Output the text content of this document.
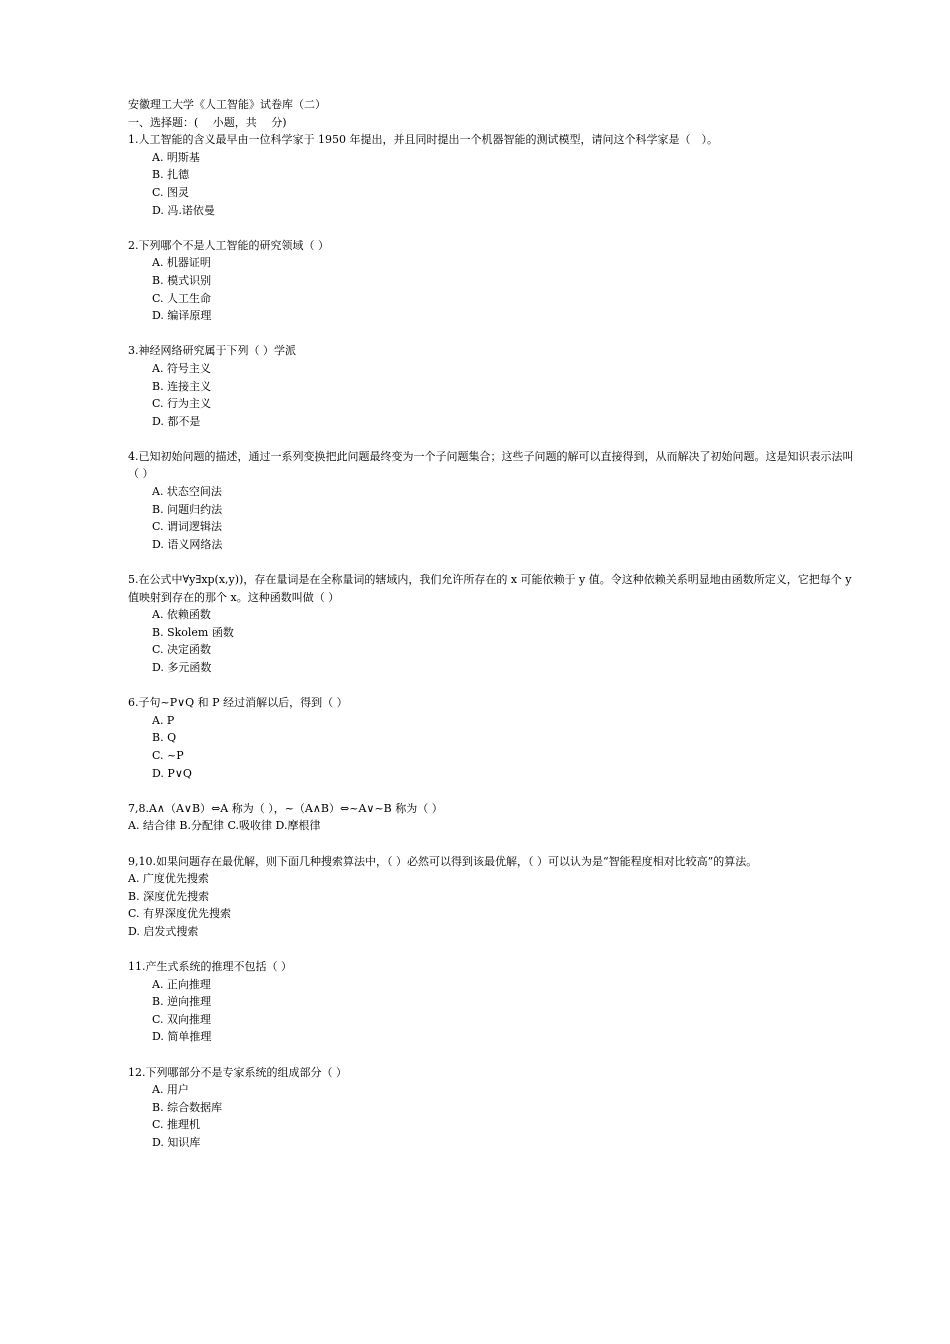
安徽理工大学《人工智能》试卷库（二）
一、选择题：(　 小题，共　 分)
1.人工智能的含义最早由一位科学家于 1950 年提出，并且同时提出一个机器智能的测试模型，请问这个科学家是（　）。
A. 明斯基
B. 扎德
C. 图灵
D. 冯.诺依曼
2.下列哪个不是人工智能的研究领域（ ）
A. 机器证明
B. 模式识别
C. 人工生命
D. 编译原理
3.神经网络研究属于下列（ ）学派
A. 符号主义
B. 连接主义
C. 行为主义
D. 都不是
4.已知初始问题的描述，通过一系列变换把此问题最终变为一个子问题集合；这些子问题的解可以直接得到，从而解决了初始问题。这是知识表示法叫（ ）
A. 状态空间法
B. 问题归约法
C. 谓词逻辑法
D. 语义网络法
5.在公式中∀y∃xp(x,y))，存在量词是在全称量词的辖域内，我们允许所存在的 x 可能依赖于 y 值。令这种依赖关系明显地由函数所定义，它把每个 y 值映射到存在的那个 x。这种函数叫做（ ）
A. 依赖函数
B. Skolem 函数
C. 决定函数
D. 多元函数
6.子句~P∨Q 和 P 经过消解以后，得到（ ）
A. P
B. Q
C. ~P
D. P∨Q
7,8.A∧（A∨B）⇔A 称为（ ），~（A∧B）⇔~A∨~B 称为（ ）
A. 结合律 B.分配律 C.吸收律 D.摩根律
9,10.如果问题存在最优解，则下面几种搜索算法中，（ ）必然可以得到该最优解，（ ）可以认为是“智能程度相对比较高”的算法。
A. 广度优先搜索
B. 深度优先搜索
C. 有界深度优先搜索
D. 启发式搜索
11.产生式系统的推理不包括（ ）
A. 正向推理
B. 逆向推理
C. 双向推理
D. 简单推理
12.下列哪部分不是专家系统的组成部分（ ）
A. 用户
B. 综合数据库
C. 推理机
D. 知识库
